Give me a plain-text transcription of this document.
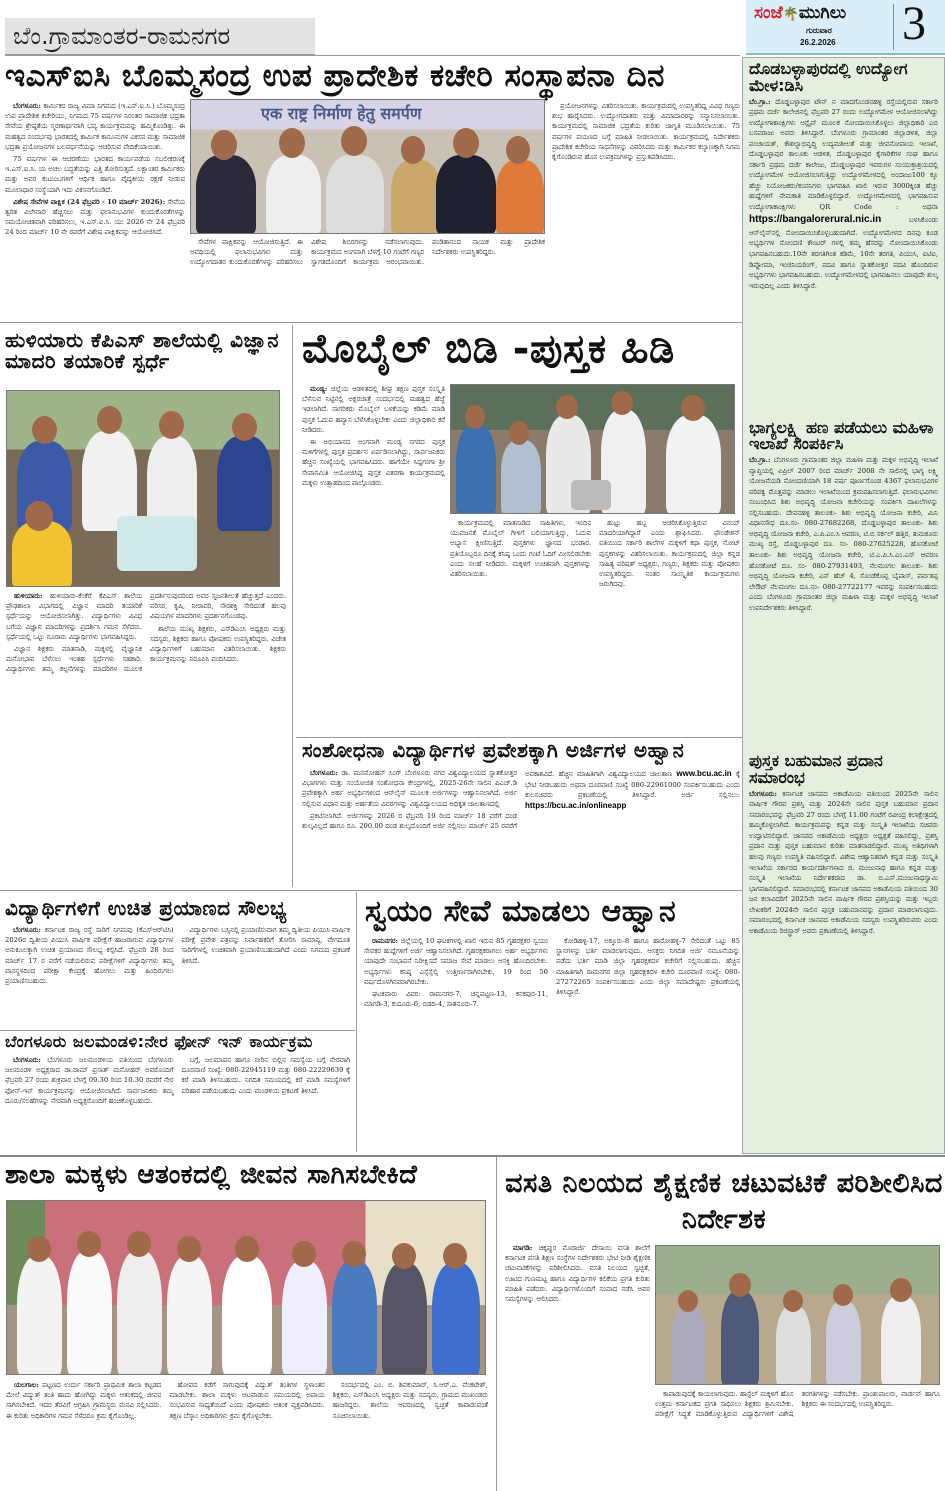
ಬೆಂ.ಗ್ರಾಮಾಂತರ-ರಾಮನಗರ
ಸಂಜೆ🌴ಮುಗಿಲು
ಗುರುವಾರ
26.2.2026 3
ಇಎಸ್‌ಐಸಿ ಬೊಮ್ಮಸಂದ್ರ ಉಪ ಪ್ರಾದೇಶಿಕ ಕಚೇರಿ ಸಂಸ್ಥಾಪನಾ ದಿನ

ಬೆಂಗಳೂರು: ಕಾರ್ಮಿಕರ ರಾಜ್ಯ ವಿಮಾ ನಿಗಮದ (ಇ.ಎಸ್.ಐ.ಸಿ.) ಬೊಮ್ಮಸಂದ್ರ ಉಪ ಪ್ರಾದೇಶಿಕ ಕಚೇರಿಯು, ನಿಗಮದ 75 ವರ್ಷಗಳ ನಿರಂತರ ಸಾಮಾಜಿಕ ಭದ್ರತಾ ಸೇವೆಯ ಶ್ರೇಷ್ಠತೆಯ ಸ್ಮರಣಾರ್ಥವಾಗಿ ಭವ್ಯ ಕಾರ್ಯಕ್ರಮವನ್ನು ಹಮ್ಮಿಕೊಂಡಿತ್ತು. ಈ ಮಹತ್ವದ ಸಂದರ್ಭವು ಭಾರತದಲ್ಲಿ ಕಾರ್ಮಿಕ ಕಾನೂನುಗಳ ವಿಕಸನ ಮತ್ತು ಸಾಮಾಜಿಕ ಭದ್ರತಾ ಪ್ರಯೋಜನಗಳ ಬಲವರ್ಧನೆಯನ್ನು ಆಚರಿಸುವ ವೇದಿಕೆಯಾಯಿತು.

75 ವರ್ಷಗಳ ಈ ಆಚರಣೆಯು ಭಾರತದ ಕಾರ್ಯಪಡೆಯ ಸಬಲೀಕರಣಕ್ಕೆ ಇ.ಎಸ್.ಐ.ಸಿ. ಯ ಅಚಲ ಬದ್ಧತೆಯನ್ನು ಎತ್ತಿ ತೋರಿಸುತ್ತದೆ. ಲಕ್ಷಾಂತರ ಕಾರ್ಮಿಕರು ಮತ್ತು ಅವರ ಕುಟುಂಬಗಳಿಗೆ ಆರ್ಥಿಕ ಹಾಗೂ ವೈದ್ಯಕೀಯ ರಕ್ಷಣೆ ನೀಡುವ ಮೂಲಾಧಾರ ಸಂಸ್ಥೆಯಾಗಿ ಇದು ವಿಕಸನಗೊಂಡಿದೆ.

ವಿಶೇಷ ಸೇವೆಗಳ ಪಾಕ್ಷಿಕ (24 ಫೆಬ್ರವರಿ - 10 ಮಾರ್ಚ್ 2026): ಸೇವೆಯ ತ್ವರಿತ ವಿಲೇವಾರಿ ಹೆಚ್ಚಿಸಲು ಮತ್ತು ಫಲಾನುಭವಿಗಳ ಕುಂದುಕೊರತೆಗಳನ್ನು ಸಮಯೋಚಿತವಾಗಿ ಪರಿಹರಿಸಲು, ಇ.ಎಸ್.ಐ.ಸಿ. ಯು 2026 ನೇ 24 ಫೆಬ್ರವರಿ 24 ರಿಂದ ಮಾರ್ಚ್ 10 ನೇ ರವರೆಗೆ ವಿಶೇಷ ಪಾಕ್ಷಿಕವನ್ನು ಆಯೋಜಿಸಿದೆ.

एक राष्ट्र निर्माण हेतु समर्पण

ಸೇವೆಗಳ ಪಾಕ್ಷಿಕವನ್ನು ಆಯೋಜಿಸುತ್ತಿದೆ. ಈ ಅವಧಿಯಲ್ಲಿ ಫಲಾನುಭವಿಗಳು ಮತ್ತು ಉದ್ಯೋಗದಾತರ ಕುಂದುಕೊರತೆಗಳನ್ನು ಪರಿಹರಿಸಲು ವಿಶೇಷ ಶಿಬಿರಗಳನ್ನು ನಡೆಸಲಾಗುವುದು. ಕಾರ್ಯಕ್ರಮದ ಅಂಗವಾಗಿ ಬೆಳಗ್ಗೆ 10 ಗಂಟೆಗೆ ಗಣ್ಯರ ಸ್ವಾಗತದೊಂದಿಗೆ ಕಾರ್ಯಕ್ರಮ ಆರಂಭವಾಯಿತು. ಪಂಡಿತಾನಂದ ನಾಯಕ ಮತ್ತು ಪ್ರಾದೇಶಿಕ ನಿರ್ದೇಶಕರು ಉಪಸ್ಥಿತರಿದ್ದರು.

ಪ್ರಯೋಜನಗಳನ್ನು ವಿತರಿಸಲಾಯಿತು. ಕಾರ್ಯಕ್ರಮದಲ್ಲಿ ಉಪಸ್ಥಿತರಿದ್ದ ವಿವಿಧ ಗಣ್ಯರು ಶುಭ ಹಾರೈಸಿದರು. ಉದ್ಯೋಗದಾತರು ಮತ್ತು ವಿಮಾದಾರರನ್ನು ಸನ್ಮಾನಿಸಲಾಯಿತು. ಕಾರ್ಯಕ್ರಮದಲ್ಲಿ ಸಾಮಾಜಿಕ ಭದ್ರತೆಯ ಕುರಿತು ಜಾಗೃತಿ ಮೂಡಿಸಲಾಯಿತು. 75 ವರ್ಷಗಳ ಪಯಣದ ಬಗ್ಗೆ ಮಾಹಿತಿ ನೀಡಲಾಯಿತು. ಕಾರ್ಯಕ್ರಮದಲ್ಲಿ ನಿರ್ದೇಶಕರು ಪ್ರಾದೇಶಿಕ ಕಚೇರಿಯ ಸಾಧನೆಗಳನ್ನು ವಿವರಿಸಿದರು ಮತ್ತು ಕಾರ್ಮಿಕರ ಕಲ್ಯಾಣಕ್ಕಾಗಿ ನಿಗಮ ಕೈಗೊಂಡಿರುವ ಹೊಸ ಉಪಕ್ರಮಗಳನ್ನು ಪ್ರಸ್ತುತಪಡಿಸಿದರು.

ಹುಳಿಯಾರು ಕೆಪಿಎಸ್ ಶಾಲೆಯಲ್ಲಿ ವಿಜ್ಞಾನ ಮಾದರಿ ತಯಾರಿಕೆ ಸ್ಪರ್ಧೆ

ಹುಳಿಯಾರು: ಹುಳಿಯಾರು-ಕೆಂಕೆರೆ ಕೆಪಿಎಸ್ ಶಾಲೆಯ ಪ್ರೌಢಶಾಲಾ ವಿಭಾಗದಲ್ಲಿ ವಿಜ್ಞಾನ ಮಾದರಿ ತಯಾರಿಕೆ ಸ್ಪರ್ಧೆಯನ್ನು ಆಯೋಜಿಸಲಾಗಿತ್ತು. ವಿದ್ಯಾರ್ಥಿಗಳು ವಿವಿಧ ಬಗೆಯ ವಿಜ್ಞಾನ ಮಾದರಿಗಳನ್ನು ಪ್ರದರ್ಶಿಸಿ ಗಮನ ಸೆಳೆದರು. ಸ್ಪರ್ಧೆಯಲ್ಲಿ ಒಟ್ಟು ನೂರಾರು ವಿದ್ಯಾರ್ಥಿಗಳು ಭಾಗವಹಿಸಿದ್ದರು.

ವಿಜ್ಞಾನ ಶಿಕ್ಷಕರು ಮಾತನಾಡಿ, ಮಕ್ಕಳಲ್ಲಿ ವೈಜ್ಞಾನಿಕ ಮನೋಭಾವ ಬೆಳೆಸಲು ಇಂತಹ ಸ್ಪರ್ಧೆಗಳು ಸಹಕಾರಿ. ವಿದ್ಯಾರ್ಥಿಗಳು ತಮ್ಮ ಕಲ್ಪನೆಗಳನ್ನು ಮಾದರಿಗಳ ಮೂಲಕ ಪ್ರದರ್ಶಿಸುವುದರಿಂದ ಅವರ ಸೃಜನಶೀಲತೆ ಹೆಚ್ಚುತ್ತದೆ ಎಂದರು. ಪರಿಸರ, ಕೃಷಿ, ನೀರಾವರಿ, ಸೌರಶಕ್ತಿ ಸೇರಿದಂತೆ ಹಲವು ವಿಷಯಗಳ ಮಾದರಿಗಳು ಪ್ರದರ್ಶನಗೊಂಡವು.

ಶಾಲೆಯ ಮುಖ್ಯ ಶಿಕ್ಷಕರು, ಎಸ್‌ಡಿಎಂಸಿ ಅಧ್ಯಕ್ಷರು ಮತ್ತು ಸದಸ್ಯರು, ಶಿಕ್ಷಕರು ಹಾಗೂ ಪೋಷಕರು ಉಪಸ್ಥಿತರಿದ್ದರು. ವಿಜೇತ ವಿದ್ಯಾರ್ಥಿಗಳಿಗೆ ಬಹುಮಾನ ವಿತರಿಸಲಾಯಿತು. ಶಿಕ್ಷಕರು ಕಾರ್ಯಕ್ರಮವನ್ನು ನಿರೂಪಿಸಿ ವಂದಿಸಿದರು.

ಮೊಬೈಲ್ ಬಿಡಿ -ಪುಸ್ತಕ ಹಿಡಿ

ಮಂಡ್ಯ: ಜಿಲ್ಲೆಯ ಆಡಳಿತದಲ್ಲಿ ಶೀಘ್ರ ತಕ್ಷಣ ಪುಸ್ತಕ ಸಂಸ್ಕೃತಿ ಬೆಳೆಸುವ ನಿಟ್ಟಿನಲ್ಲಿ ಅಕ್ಷರಜಾತ್ರೆ ಸಂದರ್ಭದಲ್ಲಿ ಮಹತ್ವದ ಹೆಜ್ಜೆ ಇಡಲಾಗಿದೆ. ನಾಗರಿಕರು ಮೊಬೈಲ್ ಬಳಕೆಯನ್ನು ಕಡಿಮೆ ಮಾಡಿ ಪುಸ್ತಕ ಓದುವ ಹವ್ಯಾಸ ಬೆಳೆಸಿಕೊಳ್ಳಬೇಕು ಎಂದು ಜಿಲ್ಲಾಧಿಕಾರಿ ಕರೆ ನೀಡಿದರು.

ಈ ಅಭಿಯಾನದ ಅಂಗವಾಗಿ ಮಂಡ್ಯ ನಗರದ ಪುಸ್ತಕ ಮಳಿಗೆಗಳಲ್ಲಿ ಪುಸ್ತಕ ಪ್ರದರ್ಶನ ಏರ್ಪಡಿಸಲಾಗಿದ್ದು, ಸಾರ್ವಜನಿಕರು ಹೆಚ್ಚಿನ ಸಂಖ್ಯೆಯಲ್ಲಿ ಭಾಗವಹಿಸಿದರು. ಹಾಗೆಯೇ ಸಿದ್ದಗಂಗಾ ಶ್ರೀ ಸೇವಾಸಮಿತಿ ಆಯೋಜಿಸಿದ್ದ ಪುಸ್ತಕ ವಿತರಣಾ ಕಾರ್ಯಕ್ರಮದಲ್ಲಿ ಮಕ್ಕಳು ಉತ್ಸಾಹದಿಂದ ಪಾಲ್ಗೊಂಡರು.

ಕಾರ್ಯಕ್ರಮದಲ್ಲಿ ಮಾತನಾಡಿದ ಸಾಹಿತಿಗಳು, ಇಂದಿನ ಯುವಜನತೆ ಮೊಬೈಲ್ ಗೀಳಿಗೆ ಬಲಿಯಾಗುತ್ತಿದ್ದು, ಓದುವ ಅಭ್ಯಾಸ ಕ್ಷೀಣಿಸುತ್ತಿದೆ. ಪುಸ್ತಕಗಳು ಜ್ಞಾನದ ಭಂಡಾರ. ಪ್ರತಿಯೊಬ್ಬರೂ ದಿನಕ್ಕೆ ಕನಿಷ್ಠ ಒಂದು ಗಂಟೆ ಓದಿಗೆ ಮೀಸಲಿಡಬೇಕು ಎಂದು ಸಲಹೆ ನೀಡಿದರು. ಮಕ್ಕಳಿಗೆ ಉಚಿತವಾಗಿ ಪುಸ್ತಕಗಳನ್ನು ವಿತರಿಸಲಾಯಿತು.

ಹುಟ್ಟು ಹಬ್ಬ ಆಚರಿಸಿಕೊಳ್ಳುತ್ತಿರುವ ವಿನಯ್ ಮಾದರಿಯಾಗಿದ್ದಾರೆ ಎಂದು ಶ್ಲಾಘಿಸಿದರು. ಫೌಂಡೇಶನ್ ವತಿಯಿಂದ ಸರ್ಕಾರಿ ಶಾಲೆಗಳ ಮಕ್ಕಳಿಗೆ ಕಥಾ ಪುಸ್ತಕ, ನೋಟ್ ಪುಸ್ತಕಗಳನ್ನು ವಿತರಿಸಲಾಯಿತು. ಕಾರ್ಯಕ್ರಮದಲ್ಲಿ ಜಿಲ್ಲಾ ಕನ್ನಡ ಸಾಹಿತ್ಯ ಪರಿಷತ್ ಅಧ್ಯಕ್ಷರು, ಗಣ್ಯರು, ಶಿಕ್ಷಕರು ಮತ್ತು ಪೋಷಕರು ಉಪಸ್ಥಿತರಿದ್ದರು. ನಂತರ ಸಾಂಸ್ಕೃತಿಕ ಕಾರ್ಯಕ್ರಮಗಳು ಜರುಗಿದವು.

ಸಂಶೋಧನಾ ವಿದ್ಯಾರ್ಥಿಗಳ ಪ್ರವೇಶಕ್ಕಾಗಿ ಅರ್ಜಿಗಳ ಅಹ್ವಾನ

ಬೆಂಗಳೂರು: ಡಾ. ಮನಮೋಹನ್ ಸಿಂಗ್ ಬೆಂಗಳೂರು ನಗರ ವಿಶ್ವವಿದ್ಯಾಲಯದ ಸ್ನಾತಕೋತ್ತರ ವಿಭಾಗಗಳು ಮತ್ತು ಸಂಯೋಜಿತ ಸಂಶೋಧನಾ ಕೇಂದ್ರಗಳಲ್ಲಿ, 2025-26ನೇ ಸಾಲಿನ ಪಿಎಚ್.ಡಿ ಪ್ರವೇಶಕ್ಕಾಗಿ ಅರ್ಹ ಅಭ್ಯರ್ಥಿಗಳಿಂದ ಆನ್‌ಲೈನ್ ಮೂಲಕ ಅರ್ಜಿಗಳನ್ನು ಆಹ್ವಾನಿಸಲಾಗಿದೆ. ಅರ್ಜಿ ಸಲ್ಲಿಸುವ ವಿಧಾನ ಮತ್ತು ಅರ್ಹತೆಯ ವಿವರಗಳನ್ನು ವಿಶ್ವವಿದ್ಯಾಲಯದ ಅಧಿಕೃತ ಜಾಲತಾಣದಲ್ಲಿ

ಪ್ರಕಟಿಸಲಾಗಿದೆ. ಅರ್ಜಿಗಳನ್ನು 2026 ರ ಫೆಬ್ರವರಿ 19 ರಿಂದ ಮಾರ್ಚ್ 18 ವರೆಗೆ ದಂಡ ಶುಲ್ಕವಿಲ್ಲದೆ ಹಾಗೂ ರೂ. 200.00 ದಂಡ ಶುಲ್ಕದೊಂದಿಗೆ ಅರ್ಜಿ ಸಲ್ಲಿಸಲು ಮಾರ್ಚ್ 25 ರವರೆಗೆ ಅವಕಾಶವಿದೆ. ಹೆಚ್ಚಿನ ಮಾಹಿತಿಗಾಗಿ ವಿಶ್ವವಿದ್ಯಾಲಯದ ಜಾಲತಾಣ www.bcu.ac.in ಕ್ಕೆ ಭೇಟಿ ನೀಡಬಹುದು ಅಥವಾ ದೂರವಾಣಿ ಸಂಖ್ಯೆ 080-22961000 ಸಂಪರ್ಕಿಸಬಹುದು ಎಂದು ಕುಲಸಚಿವರು ಪ್ರಕಟಣೆಯಲ್ಲಿ ತಿಳಿಸಿದ್ದಾರೆ. ಅರ್ಜಿ ಸಲ್ಲಿಸಲು: https://bcu.ac.in/onlineapp

ವಿದ್ಯಾರ್ಥಿಗಳಿಗೆ ಉಚಿತ ಪ್ರಯಾಣದ ಸೌಲಭ್ಯ

ಬೆಂಗಳೂರು: ಕರ್ನಾಟಕ ರಾಜ್ಯ ರಸ್ತೆ ಸಾರಿಗೆ ನಿಗಮವು (ಕೆಎಸ್‌ಆರ್‌ಟಿಸಿ) 2026ರ ದ್ವಿತೀಯ ಪಿಯುಸಿ ವಾರ್ಷಿಕ ಪರೀಕ್ಷೆಗೆ ಹಾಜರಾಗುವ ವಿದ್ಯಾರ್ಥಿಗಳ ಅನುಕೂಲಕ್ಕಾಗಿ ಉಚಿತ ಪ್ರಯಾಣದ ಸೌಲಭ್ಯ ಕಲ್ಪಿಸಿದೆ. ಫೆಬ್ರವರಿ 28 ರಿಂದ ಮಾರ್ಚ್ 17 ರ ವರೆಗೆ ನಡೆಯಲಿರುವ ಪರೀಕ್ಷೆಗಳಿಗೆ ವಿದ್ಯಾರ್ಥಿಗಳು ತಮ್ಮ ವಾಸಸ್ಥಳದಿಂದ ಪರೀಕ್ಷಾ ಕೇಂದ್ರಕ್ಕೆ ಹೋಗಲು ಮತ್ತು ಹಿಂದಿರುಗಲು ಪ್ರಯಾಣಿಸಬಹುದು.

ವಿದ್ಯಾರ್ಥಿಗಳು ಬಸ್ಸಿನಲ್ಲಿ ಪ್ರಯಾಣಿಸುವಾಗ ತಮ್ಮ ದ್ವಿತೀಯ ಪಿಯುಸಿ ವಾರ್ಷಿಕ ಪರೀಕ್ಷೆ ಪ್ರವೇಶ ಪತ್ರವನ್ನು ನಿರ್ವಾಹಕರಿಗೆ ತೋರಿಸಿ ಸಾಮಾನ್ಯ, ವೇಗದೂತ ಸಾರಿಗೆಗಳಲ್ಲಿ ಉಚಿತವಾಗಿ ಪ್ರಯಾಣಿಸಬಹುದಾಗಿದೆ ಎಂದು ನಿಗಮದ ಪ್ರಕಟಣೆ ತಿಳಿಸಿದೆ.

ಬೆಂಗಳೂರು ಜಲಮಂಡಳಿ:ನೇರ ಫೋನ್ ಇನ್ ಕಾರ್ಯಕ್ರಮ

ಬೆಂಗಳೂರು: ಬೆಂಗಳೂರು ಜಲಮಂಡಳಿಯ ವತಿಯಿಂದ ಬೆಂಗಳೂರು ಜಲಮಂಡಳಿ ಅಧ್ಯಕ್ಷರಾದ ಡಾ.ರಾಮ್ ಪ್ರಸಾತ್ ಮನೋಹರ್ ಅವರೊಂದಿಗೆ ಫೆಬ್ರವರಿ 27 ರಂದು ಶುಕ್ರವಾರ ಬೆಳಗ್ಗೆ 09.30 ರಿಂದ 10.30 ರವರೆಗೆ ನೇರ ಫೋನ್-ಇನ್ ಕಾರ್ಯಕ್ರಮವನ್ನು ಆಯೋಜಿಸಲಾಗಿದೆ. ಸಾರ್ವಜನಿಕರು ತಮ್ಮ ದೂರು/ಸಲಹೆಗಳನ್ನು ನೇರವಾಗಿ ಅಧ್ಯಕ್ಷರೊಂದಿಗೆ ಹಂಚಿಕೊಳ್ಳಬಹುದು.

ಬಗ್ಗೆ, ಜಲಮಾಪನ ಹಾಗೂ ನೀರಿನ ಬಿಲ್ಲಿನ ಸಮಸ್ಯೆಯ ಬಗ್ಗೆ ನೇರವಾಗಿ ದೂರವಾಣಿ ಸಂಖ್ಯೆ: 080-22945119 ಮತ್ತು 080-22229639 ಕ್ಕೆ ಕರೆ ಮಾಡಿ ತಿಳಿಸಬಹುದು. ನಿಗದಿತ ಸಮಯದಲ್ಲಿ ಕರೆ ಮಾಡಿ ಸಮಸ್ಯೆಗಳಿಗೆ ಪರಿಹಾರ ಪಡೆಯಬಹುದು ಎಂದು ಮಂಡಳಿಯ ಪ್ರಕಟಣೆ ತಿಳಿಸಿದೆ.

ಸ್ವಯಂ ಸೇವೆ ಮಾಡಲು ಆಹ್ವಾನ

ರಾಮನಗರ: ಜಿಲ್ಲೆಯಲ್ಲಿ 10 ಘಟಕಗಳಲ್ಲಿ ಖಾಲಿ ಇರುವ 85 ಗೃಹರಕ್ಷಕರ ಸ್ವಯಂ ಸೇವಕರ ಹುದ್ದೆಗಳಿಗೆ ಅರ್ಜಿ ಆಹ್ವಾನಿಸಲಾಗಿದೆ. ಗೃಹರಕ್ಷಕರಾಗಲು ಅರ್ಹ ಅಭ್ಯರ್ಥಿಗಳು ಯಾವುದೇ ಸಂಭಾವನೆ ನಿರೀಕ್ಷಿಸದೆ ಸಮಾಜ ಸೇವೆ ಮಾಡಲು ಆಸಕ್ತಿ ಹೊಂದಿರಬೇಕು. ಅಭ್ಯರ್ಥಿಗಳು ಕನಿಷ್ಠ ಎಸ್ಸೆಸ್ಸೆಲ್ಸಿ ಉತ್ತೀರ್ಣರಾಗಿರಬೇಕು, 19 ರಿಂದ 50 ವರ್ಷದೊಳಗಿನವರಾಗಿರಬೇಕು.

ಘಟಕವಾರು ವಿವರ: ರಾಮನಗರ-7, ಚನ್ನಪಟ್ಟಣ-13, ಕನಕಪುರ-11, ಮಾಗಡಿ-3, ಕುದೂರು-6, ಬಿಡದಿ-4, ಸಾತನೂರು-7.

ಕೋಡಿಹಳ್ಳಿ-17, ಅಕ್ಕೂರು-8 ಹಾಗೂ ಹಾರೋಹಳ್ಳಿ-7 ಸೇರಿದಂತೆ ಒಟ್ಟು 85 ಸ್ಥಾನಗಳನ್ನು ಭರ್ತಿ ಮಾಡಲಾಗುವುದು. ಆಸಕ್ತರು ನಿಗದಿತ ಅರ್ಜಿ ನಮೂನೆಯನ್ನು ಪಡೆದು ಭರ್ತಿ ಮಾಡಿ ಜಿಲ್ಲಾ ಗೃಹರಕ್ಷಕದಳ ಕಚೇರಿಗೆ ಸಲ್ಲಿಸಬಹುದು. ಹೆಚ್ಚಿನ ಮಾಹಿತಿಗಾಗಿ ರಾಮನಗರ ಜಿಲ್ಲಾ ಗೃಹರಕ್ಷಕದಳ ಕಚೇರಿ ದೂರವಾಣಿ ಸಂಖ್ಯೆ: 080-27272265 ಸಂಪರ್ಕಿಸಬಹುದು ಎಂದು ಜಿಲ್ಲಾ ಸಮಾದೇಷ್ಟರು ಪ್ರಕಟಣೆಯಲ್ಲಿ ತಿಳಿಸಿದ್ದಾರೆ.

ದೊಡಬಳ್ಳಾಪುರದಲ್ಲಿ ಉದ್ಯೋಗ ಮೇಳ:ಡಿಸಿ
ಬೆಂ.ಗ್ರಾ.: ದೊಡ್ಡಬಳ್ಳಾಪುರ ಟೌನ್ ನ ಮಾದಗೊಂಡನಹಳ್ಳಿ ರಸ್ತೆಯಲ್ಲಿರುವ ಸರ್ಕಾರಿ ಪ್ರಥಮ ದರ್ಜೆ ಕಾಲೇಜಿನಲ್ಲಿ ಫೆಬ್ರವರಿ 27 ರಂದು ಉದ್ಯೋಗಮೇಳ ಆಯೋಜಿಸಲಾಗಿದ್ದು ಉದ್ಯೋಗಾಕಾಂಕ್ಷಿಗಳು ಆನ್ಲೈನ್ ಮೂಲಕ ನೋಂದಾಯಿಸಿಕೊಳ್ಳಲು ಜಿಲ್ಲಾಧಿಕಾರಿ ಎಬಿ ಬಸವರಾಜು ಅವರು ತಿಳಿಸಿದ್ದಾರೆ. ಬೆಂಗಳೂರು ಗ್ರಾಮಾಂತರ ಜಿಲ್ಲಾಡಳಿತ, ಜಿಲ್ಲಾ ಪಂಚಾಯತ್, ಕೌಶಲ್ಯಾಭಿವೃದ್ಧಿ ಉದ್ಯಮಶೀಲತೆ ಮತ್ತು ಜೀವನೋಪಾಯ ಇಲಾಖೆ, ದೊಡ್ಡಬಳ್ಳಾಪುರ ತಾಲೂಕು ಆಡಳಿತ, ದೊಡ್ಡಬಳ್ಳಾಪುರ ಕೈಗಾರಿಕೆಗಳ ಸಂಘ ಹಾಗೂ ಸರ್ಕಾರಿ ಪ್ರಥಮ ದರ್ಜೆ ಕಾಲೇಜು, ದೊಡ್ಡಬಳ್ಳಾಪುರ ಇವರುಗಳ ಸಂಯುಕ್ತಾಶ್ರಯದಲ್ಲಿ ಉದ್ಯೋಗಮೇಳ ಆಯೋಜಿಸಲಾಗುತ್ತಿದ್ದು ಉದ್ಯೋಗಮೇಳದಲ್ಲಿ ಅಂದಾಜು100 ಕ್ಕೂ ಹೆಚ್ಚು ನಿಯೋಜಕರು/ಕಂಪನಿಗಳು ಭಾಗವಹಿಸಿ ಖಾಲಿ ಇರುವ 3000ಕ್ಕಿಂತ ಹೆಚ್ಚು ಹುದ್ದೆಗಳಿಗೆ ನೇಮಕಾತಿ ಮಾಡಿಕೊಳ್ಳಲಿದ್ದಾರೆ. ಉದ್ಯೋಗಮೇಳದಲ್ಲಿ ಭಾಗವಹಿಸುವ ಉದ್ಯೋಗಾಕಾಂಕ್ಷಿಗಳು QR Code : ಅಥವಾ https://bangalorerural.nic.in	ಬಳಸಿಕೊಂಡು ಆನ್‌ಲೈನ್‌ನಲ್ಲಿ ನೋಂದಾಯಿಸಿಕೊಳ್ಳಬಹುದಾಗಿದೆ. ಉದ್ಯೋಗಮೇಳದ ದಿನವು ಕೂಡ ಅಭ್ಯರ್ಥಿಗಳ ನೋಂದಣಿ ಕೌಂಟರ್ ಗಳಲ್ಲಿ ತಮ್ಮ ಹೆಸರನ್ನು ನೋಂದಾಯಿಸಿಕೊಂಡು ಭಾಗವಹಿಸಬಹುದು.10ನೇ ತರಗತಿಗಿಂತ ಕಡಿಮೆ, 10ನೇ ತರಗತಿ, ಪಿಯುಸಿ, ಐಟಿಐ, ಡಿಪ್ಲೋಮಾ, ಇಂಜಿನಿಯರಿಂಗ್, ಪದವಿ ಹಾಗೂ ಸ್ನಾತಕೋತ್ತರ ಪದವಿ ಹೊಂದಿರುವ ಅಭ್ಯರ್ಥಿಗಳು ಭಾಗವಹಿಸಬಹುದು. ಉದ್ಯೋಗಮೇಳದಲ್ಲಿ ಭಾಗವಹಿಸಲು ಯಾವುದೇ ಶುಲ್ಕ ಇರುವುದಿಲ್ಲ ಎಂದು ತಿಳಿಸಿದ್ದಾರೆ.
ಭಾಗ್ಯಲಕ್ಷ್ಮಿ ಹಣ ಪಡೆಯಲು ಮಹಿಳಾ ಇಲಾಖೆ ಸಂಪರ್ಕಿಸಿ
ಬೆಂ.ಗ್ರಾ.: ಬೆಂಗಳೂರು ಗ್ರಾಮಾಂತರ ಜಿಲ್ಲಾ ಮಹಿಳಾ ಮತ್ತು ಮಕ್ಕಳ ಅಭಿವೃದ್ಧಿ ಇಲಾಖೆ ವ್ಯಾಪ್ತಿಯಲ್ಲಿ ಏಪ್ರಿಲ್ 2007 ರಿಂದ ಮಾರ್ಚ್ 2008 ನೇ ಸಾಲಿನಲ್ಲಿ ಭಾಗ್ಯ ಲಕ್ಷ್ಮಿ ಯೋಜನೆಯಡಿ ನೋಂದಣಿಯಾಗಿ 18 ವರ್ಷ ಪೂರ್ಣಗೊಂಡ 4367 ಫಲಾನುಭವಿಗಳ ಪರಿಪಕ್ವ ಮೊತ್ತವನ್ನು ಮಾಡಲು ಇಲಾಖೆಯಿಂದ ಕ್ರಮವಹಿಸಲಾಗುತ್ತಿದೆ. ಫಲಾನುಭವಿಗಳು ಸಂಬಂಧಿಸಿದ ಶಿಶು ಅಭಿವೃದ್ಧಿ ಯೋಜನಾ ಕಚೇರಿಯನ್ನು ಸಂಪರ್ಕಿಸಿ ದಾಖಲೆಗಳನ್ನು ಸಲ್ಲಿಸಬಹುದು. ದೇವನಹಳ್ಳಿ ತಾಲೂಕು- ಶಿಶು ಅಭಿವೃದ್ಧಿ ಯೋಜನಾ ಕಚೇರಿ, ಮಿನಿ ವಿಧಾನಸೌಧ ದೂ.ಸಂ- 080-27682268, ದೊಡ್ಡಬಳ್ಳಾಪುರ ತಾಲೂಕು- ಶಿಶು ಅಭಿವೃದ್ಧಿ ಯೋಜನಾ ಕಚೇರಿ, ಎ.ಪಿ.ಎಂ.ಸಿ ಆವರಣ, ಟಿ.ಬಿ ಸರ್ಕಲ್ ಹತ್ತಿರ, ತುಮಕೂರು ಮುಖ್ಯ ರಸ್ತೆ, ದೊಡ್ಡಬಳ್ಳಾಪುರ ದೂ. ಸಂ- 080-27625228, ಹೊಸಕೋಟೆ ತಾಲೂಕು- ಶಿಶು ಅಭಿವೃದ್ಧಿ ಯೋಜನಾ ಕಚೇರಿ, ಟಿ.ಎ.ಪಿ.ಸಿ.ಎಂ.ಎಸ್ ಆವರಣ ಹೊಸಕೋಟೆ ದೂ. ಸಂ- 080-27931493, ನೆಲಮಂಗಲ ತಾಲೂಕು- ಶಿಶು ಅಭಿವೃದ್ಧಿ ಯೋಜನಾ ಕಚೇರಿ, ಎನ್ ಹೆಚ್ 4, ಸೊಂಡೆಕೊಪ್ಪ ಬೈಪಾಸ್, ಪರ್ವತಪ್ಪ ಲೇಔಟ್ ನೆಲಮಂಗಲ ದೂ.ಸಂ- 080-27722177 ಇವರನ್ನು ಸಂಪರ್ಕಿಸಬಹುದು ಎಂದು ಬೆಂಗಳೂರು ಗ್ರಾಮಾಂತರ ಜಿಲ್ಲಾ ಮಹಿಳಾ ಮತ್ತು ಮಕ್ಕಳ ಅಭಿವೃದ್ಧಿ ಇಲಾಖೆ ಉಪನಿರ್ದೇಶಕರು ತಿಳಿಸಿದ್ದಾರೆ.
ಪುಸ್ತಕ ಬಹುಮಾನ ಪ್ರದಾನ ಸಮಾರಂಭ
ಬೆಂಗಳೂರು: ಕರ್ನಾಟಕ ಜಾನಪದ ಅಕಾಡೆಮಿಯ ವತಿಯಿಂದ 2025ನೇ ಸಾಲಿನ ವಾರ್ಷಿಕ ಗೌರವ ಪ್ರಶಸ್ತಿ ಮತ್ತು 2024ನೇ ಸಾಲಿನ ಪುಸ್ತಕ ಬಹುಮಾನ ಪ್ರದಾನ ಸಮಾರಂಭವನ್ನು ಫೆಬ್ರವರಿ 27 ರಂದು ಬೆಳಗ್ಗೆ 11.00 ಗಂಟೆಗೆ ರವೀಂದ್ರ ಕಲಾಕ್ಷೇತ್ರದಲ್ಲಿ ಹಮ್ಮಿಕೊಳ್ಳಲಾಗಿದೆ. ಕಾರ್ಯಕ್ರಮವನ್ನು ಕನ್ನಡ ಮತ್ತು ಸಂಸ್ಕೃತಿ ಇಲಾಖೆಯ ಸಚಿವರು ಉದ್ಘಾಟಿಸಲಿದ್ದಾರೆ. ಜಾನಪದ ಅಕಾಡೆಮಿಯ ಅಧ್ಯಕ್ಷರು ಅಧ್ಯಕ್ಷತೆ ವಹಿಸಲಿದ್ದು, ಪ್ರಶಸ್ತಿ ಪ್ರದಾನ ಮತ್ತು ಪುಸ್ತಕ ಬಹುಮಾನ ಕುರಿತು ಮಾತನಾಡಲಿದ್ದಾರೆ. ಮುಖ್ಯ ಅತಿಥಿಗಳಾಗಿ ಹಲವು ಗಣ್ಯರು ಉಪಸ್ಥಿತಿ ವಹಿಸಲಿದ್ದಾರೆ. ವಿಶೇಷ ಆಹ್ವಾನಿತರಾಗಿ ಕನ್ನಡ ಮತ್ತು ಸಂಸ್ಕೃತಿ ಇಲಾಖೆಯ ಸರ್ಕಾರದ ಕಾರ್ಯದರ್ಶಿಗಳಾದ ಜಿ. ಮಂಜುನಾಥ ಹಾಗೂ ಕನ್ನಡ ಮತ್ತು ಸಂಸ್ಕೃತಿ ಇಲಾಖೆಯ ನಿರ್ದೇಶಕರಾದ ಡಾ. ಬಿ.ಎಸ್.ಮಂಜುನಾಥಸ್ವಾಮಿ ಭಾಗವಹಿಸಲಿದ್ದಾರೆ. ಸಮಾರಂಭದಲ್ಲಿ ಕರ್ನಾಟಕ ಜಾನಪದ ಅಕಾಡೆಮಿಯ ವತಿಯಿಂದ 30 ಜನ ಕಲಾವಿದರಿಗೆ 2025ನೇ ಸಾಲಿನ ವಾರ್ಷಿಕ ಗೌರವ ಪ್ರಶಸ್ತಿಯನ್ನು ಮತ್ತು ಇಬ್ಬರು ಲೇಖಕರಿಗೆ 2024ನೇ ಸಾಲಿನ ಪುಸ್ತಕ ಬಹುಮಾನವನ್ನು ಪ್ರದಾನ ಮಾಡಲಾಗುವುದು. ಸಮಾರಂಭದಲ್ಲಿ ಕರ್ನಾಟಕ ಜಾನಪದ ಅಕಾಡೆಮಿಯ ಸದಸ್ಯರು ಉಪಸ್ಥಿತರಿರುವರು ಎಂದು ಅಕಾಡೆಮಿಯ ರಿಜಿಸ್ಟ್ರಾರ್ ಅವರು ಪ್ರಕಟಣೆಯಲ್ಲಿ ತಿಳಿಸಿದ್ದಾರೆ.
ಶಾಲಾ ಮಕ್ಕಳು ಆತಂಕದಲ್ಲಿ ಜೀವನ ಸಾಗಿಸಬೇಕಿದೆ

ಯಲಗಾಲ: ಪಟ್ಟಣದ ಉರ್ದು ಸರ್ಕಾರಿ ಪ್ರಾಥಮಿಕ ಶಾಲಾ ಕಟ್ಟಡದ ಮೇಲೆ ವಿದ್ಯುತ್ ತಂತಿ ಹಾದು ಹೋಗಿದ್ದು ಮಕ್ಕಳು ಆತಂಕದಲ್ಲಿ ಜೀವನ ಸಾಗಿಸಬೇಕಿದೆ. ಇದರ ತೆರವಿಗೆ ಆಗ್ರಹಿಸಿ ಗ್ರಾಮಸ್ಥರು ಮನವಿ ಸಲ್ಲಿಸಿದರು. ಈ ಕುರಿತು ಅಧಿಕಾರಿಗಳ ಗಮನ ಸೆಳೆದರೂ ಕ್ರಮ ಕೈಗೊಂಡಿಲ್ಲ.

ಹೋಪದ ಕಡೆಗೆ ಸಾಗುವುದಕ್ಕೆ ವಿದ್ಯುತ್ ತಂತಿಗಳ ಸ್ಥಳಾಂತರ ಮಾಡಬೇಕು. ಶಾಲಾ ಮಕ್ಕಳು ಆಟವಾಡುವ ಸಮಯದಲ್ಲಿ ಅಪಾಯ ಸಂಭವಿಸುವ ಸಾಧ್ಯತೆಯಿದೆ ಎಂದು ಪೋಷಕರು ಆತಂಕ ವ್ಯಕ್ತಪಡಿಸಿದರು. ತಕ್ಷಣ ಬೆಸ್ಕಾಂ ಅಧಿಕಾರಿಗಳು ಕ್ರಮ ಕೈಗೊಳ್ಳಬೇಕು.

ಸಂದರ್ಭದಲ್ಲಿ ಎಂ. ಬಿ. ಶಿವಕುಮಾರ್, ಸಿ.ಆರ್.ಎ. ವೆಂಕಟೇಶ್, ಶಿಕ್ಷಕರು, ಎಸ್‌ಡಿಎಂಸಿ ಅಧ್ಯಕ್ಷರು ಮತ್ತು ಸದಸ್ಯರು, ಗ್ರಾಮದ ಮುಖಂಡರು ಹಾಜರಿದ್ದರು. ಶಾಲೆಯ ಆವರಣದಲ್ಲಿ ಸ್ವಚ್ಛತೆ ಕಾಪಾಡುವಂತೆ ಸೂಚಿಸಲಾಯಿತು.

ವಸತಿ ನಿಲಯದ ಶೈಕ್ಷಣಿಕ ಚಟುವಟಿಕೆ ಪರಿಶೀಲಿಸಿದ ನಿರ್ದೇಶಕ

ಮಾಗಡಿ: ಚಿಕ್ಕಪ್ಪುರ ಮೊರಾರ್ಜಿ ದೇಸಾಯಿ ವಸತಿ ಶಾಲೆಗೆ ಕರ್ನಾಟಕ ವಸತಿ ಶಿಕ್ಷಣ ಸಂಸ್ಥೆಗಳ ನಿರ್ದೇಶಕರು ಭೇಟಿ ನೀಡಿ ಶೈಕ್ಷಣಿಕ ಚಟುವಟಿಕೆಗಳನ್ನು ಪರಿಶೀಲಿಸಿದರು. ವಸತಿ ನಿಲಯದ ಸ್ವಚ್ಛತೆ, ಊಟದ ಗುಣಮಟ್ಟ ಹಾಗೂ ವಿದ್ಯಾರ್ಥಿಗಳ ಕಲಿಕೆಯ ಪ್ರಗತಿ ಕುರಿತು ಮಾಹಿತಿ ಪಡೆದರು. ವಿದ್ಯಾರ್ಥಿಗಳೊಂದಿಗೆ ಸಂವಾದ ನಡೆಸಿ ಅವರ ಸಮಸ್ಯೆಗಳನ್ನು ಆಲಿಸಿದರು.

ಕಾಪಾಡುವುದಕ್ಕೆ ಕಾಯಲಾಗುವುದು. ಹಾಸ್ಟೆಲ್ ಮಕ್ಕಳಿಗೆ ಹೊಸ ಉತ್ತಮ ಕರ್ನಾಟಕದ ಪ್ರಗತಿ ಸಾಧಿಸಲು ಶಿಕ್ಷಕರು ಶ್ರಮಿಸಬೇಕು. ಪರೀಕ್ಷೆಗೆ ಸಿದ್ಧತೆ ಮಾಡಿಕೊಳ್ಳುತ್ತಿರುವ ವಿದ್ಯಾರ್ಥಿಗಳಿಗೆ ವಿಶೇಷ ತರಗತಿಗಳನ್ನು ನಡೆಸಬೇಕು. ಪ್ರಾಂಶುಪಾಲರು, ವಾರ್ಡನ್ ಹಾಗೂ ಶಿಕ್ಷಕರು ಈ ಸಂದರ್ಭದಲ್ಲಿ ಉಪಸ್ಥಿತರಿದ್ದರು.
